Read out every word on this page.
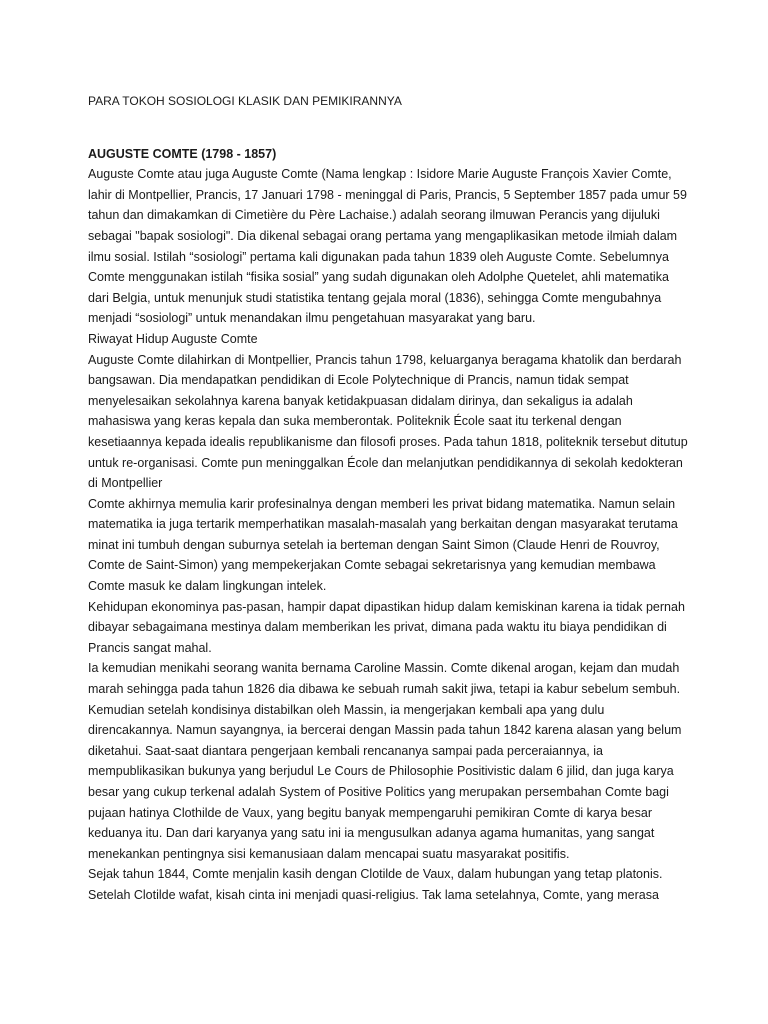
PARA TOKOH SOSIOLOGI KLASIK DAN PEMIKIRANNYA

AUGUSTE COMTE (1798 - 1857)

Auguste Comte atau juga Auguste Comte (Nama lengkap : Isidore Marie Auguste François Xavier Comte, lahir di Montpellier, Prancis, 17 Januari 1798 - meninggal di Paris, Prancis, 5 September 1857 pada umur 59 tahun dan dimakamkan di Cimetière du Père Lachaise.) adalah seorang ilmuwan Perancis yang dijuluki sebagai "bapak sosiologi". Dia dikenal sebagai orang pertama yang mengaplikasikan metode ilmiah dalam ilmu sosial. Istilah “sosiologi” pertama kali digunakan pada tahun 1839 oleh Auguste Comte. Sebelumnya Comte menggunakan istilah “fisika sosial” yang sudah digunakan oleh Adolphe Quetelet, ahli matematika dari Belgia, untuk menunjuk studi statistika tentang gejala moral (1836), sehingga Comte mengubahnya menjadi “sosiologi” untuk menandakan ilmu pengetahuan masyarakat yang baru.

Riwayat Hidup Auguste Comte

Auguste Comte dilahirkan di Montpellier, Prancis tahun 1798, keluarganya beragama khatolik dan berdarah bangsawan. Dia mendapatkan pendidikan di Ecole Polytechnique di Prancis, namun tidak sempat menyelesaikan sekolahnya karena banyak ketidakpuasan didalam dirinya, dan sekaligus ia adalah mahasiswa yang keras kepala dan suka memberontak. Politeknik École saat itu terkenal dengan kesetiaannya kepada idealis republikanisme dan filosofi proses. Pada tahun 1818, politeknik tersebut ditutup untuk re-organisasi. Comte pun meninggalkan École dan melanjutkan pendidikannya di sekolah kedokteran di Montpellier

Comte akhirnya memulia karir profesinalnya dengan memberi les privat bidang matematika. Namun selain matematika ia juga tertarik memperhatikan masalah-masalah yang berkaitan dengan masyarakat terutama minat ini tumbuh dengan suburnya setelah ia berteman dengan Saint Simon (Claude Henri de Rouvroy, Comte de Saint-Simon) yang mempekerjakan Comte sebagai sekretarisnya yang kemudian membawa Comte masuk ke dalam lingkungan intelek.

Kehidupan ekonominya pas-pasan, hampir dapat dipastikan hidup dalam kemiskinan karena ia tidak pernah dibayar sebagaimana mestinya dalam memberikan les privat, dimana pada waktu itu biaya pendidikan di Prancis sangat mahal.

Ia kemudian menikahi seorang wanita bernama Caroline Massin. Comte dikenal arogan, kejam dan mudah marah sehingga pada tahun 1826 dia dibawa ke sebuah rumah sakit jiwa, tetapi ia kabur sebelum sembuh. Kemudian setelah kondisinya distabilkan oleh Massin, ia mengerjakan kembali apa yang dulu direncakannya. Namun sayangnya, ia bercerai dengan Massin pada tahun 1842 karena alasan yang belum diketahui. Saat-saat diantara pengerjaan kembali rencananya sampai pada perceraiannya, ia mempublikasikan bukunya yang berjudul Le Cours de Philosophie Positivistic dalam 6 jilid, dan juga karya besar yang cukup terkenal adalah System of Positive Politics yang merupakan persembahan Comte bagi pujaan hatinya Clothilde de Vaux, yang begitu banyak mempengaruhi pemikiran Comte di karya besar keduanya itu. Dan dari karyanya yang satu ini ia mengusulkan adanya agama humanitas, yang sangat menekankan pentingnya sisi kemanusiaan dalam mencapai suatu masyarakat positifis.

Sejak tahun 1844, Comte menjalin kasih dengan Clotilde de Vaux, dalam hubungan yang tetap platonis. Setelah Clotilde wafat, kisah cinta ini menjadi quasi-religius. Tak lama setelahnya, Comte, yang merasa
